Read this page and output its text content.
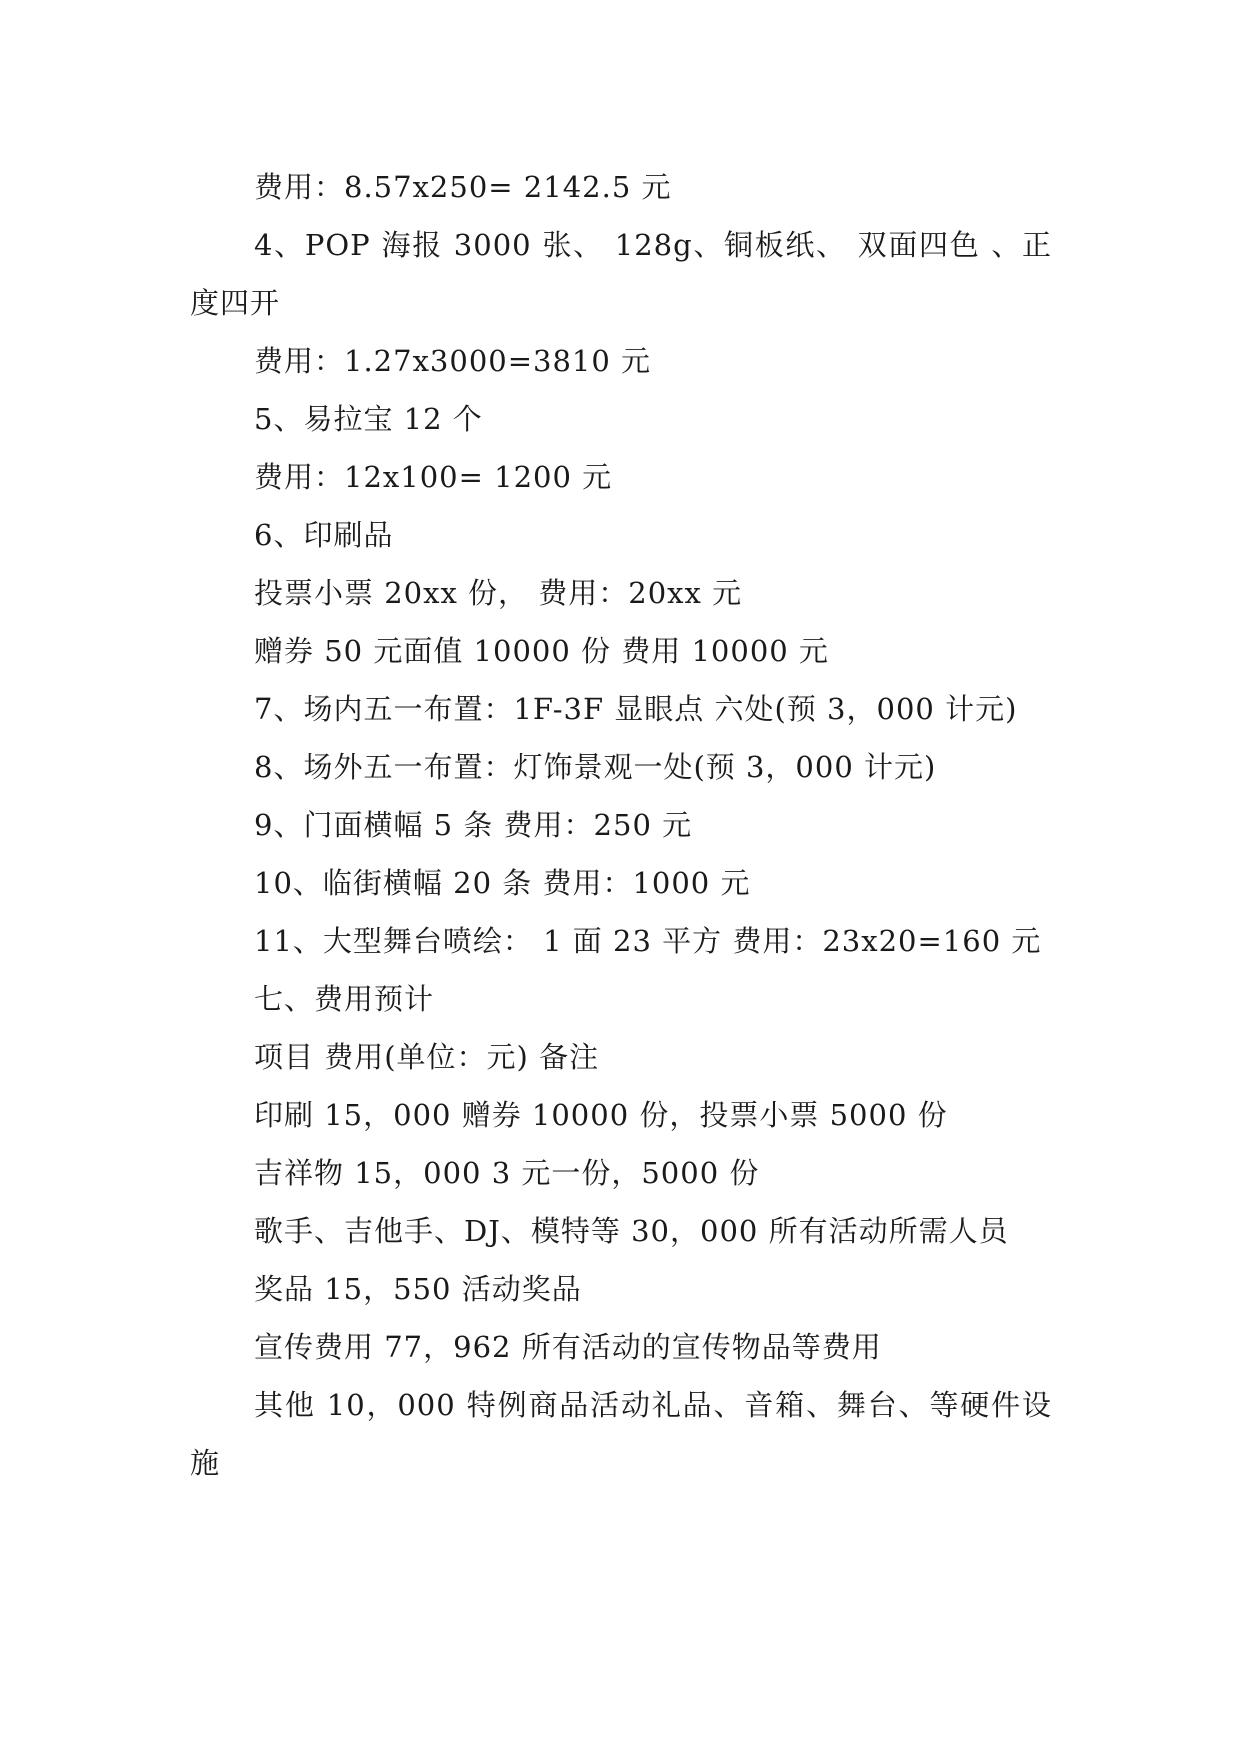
费用：8.57x250= 2142.5 元

4、POP 海报 3000 张、 128g、铜板纸、 双面四色 、正度四开

费用：1.27x3000=3810 元

5、易拉宝 12 个

费用：12x100= 1200 元

6、印刷品

投票小票 20xx 份， 费用：20xx 元

赠券 50 元面值 10000 份 费用 10000 元

7、场内五一布置：1F-3F 显眼点 六处(预 3，000 计元)

8、场外五一布置：灯饰景观一处(预 3，000 计元)

9、门面横幅 5 条 费用：250 元

10、临街横幅 20 条 费用：1000 元

11、大型舞台喷绘： 1 面 23 平方 费用：23x20=160 元

七、费用预计

项目 费用(单位：元) 备注

印刷 15，000 赠券 10000 份，投票小票 5000 份

吉祥物 15，000 3 元一份，5000 份

歌手、吉他手、DJ、模特等 30，000 所有活动所需人员

奖品 15，550 活动奖品

宣传费用 77，962 所有活动的宣传物品等费用

其他 10，000 特例商品活动礼品、音箱、舞台、等硬件设施
